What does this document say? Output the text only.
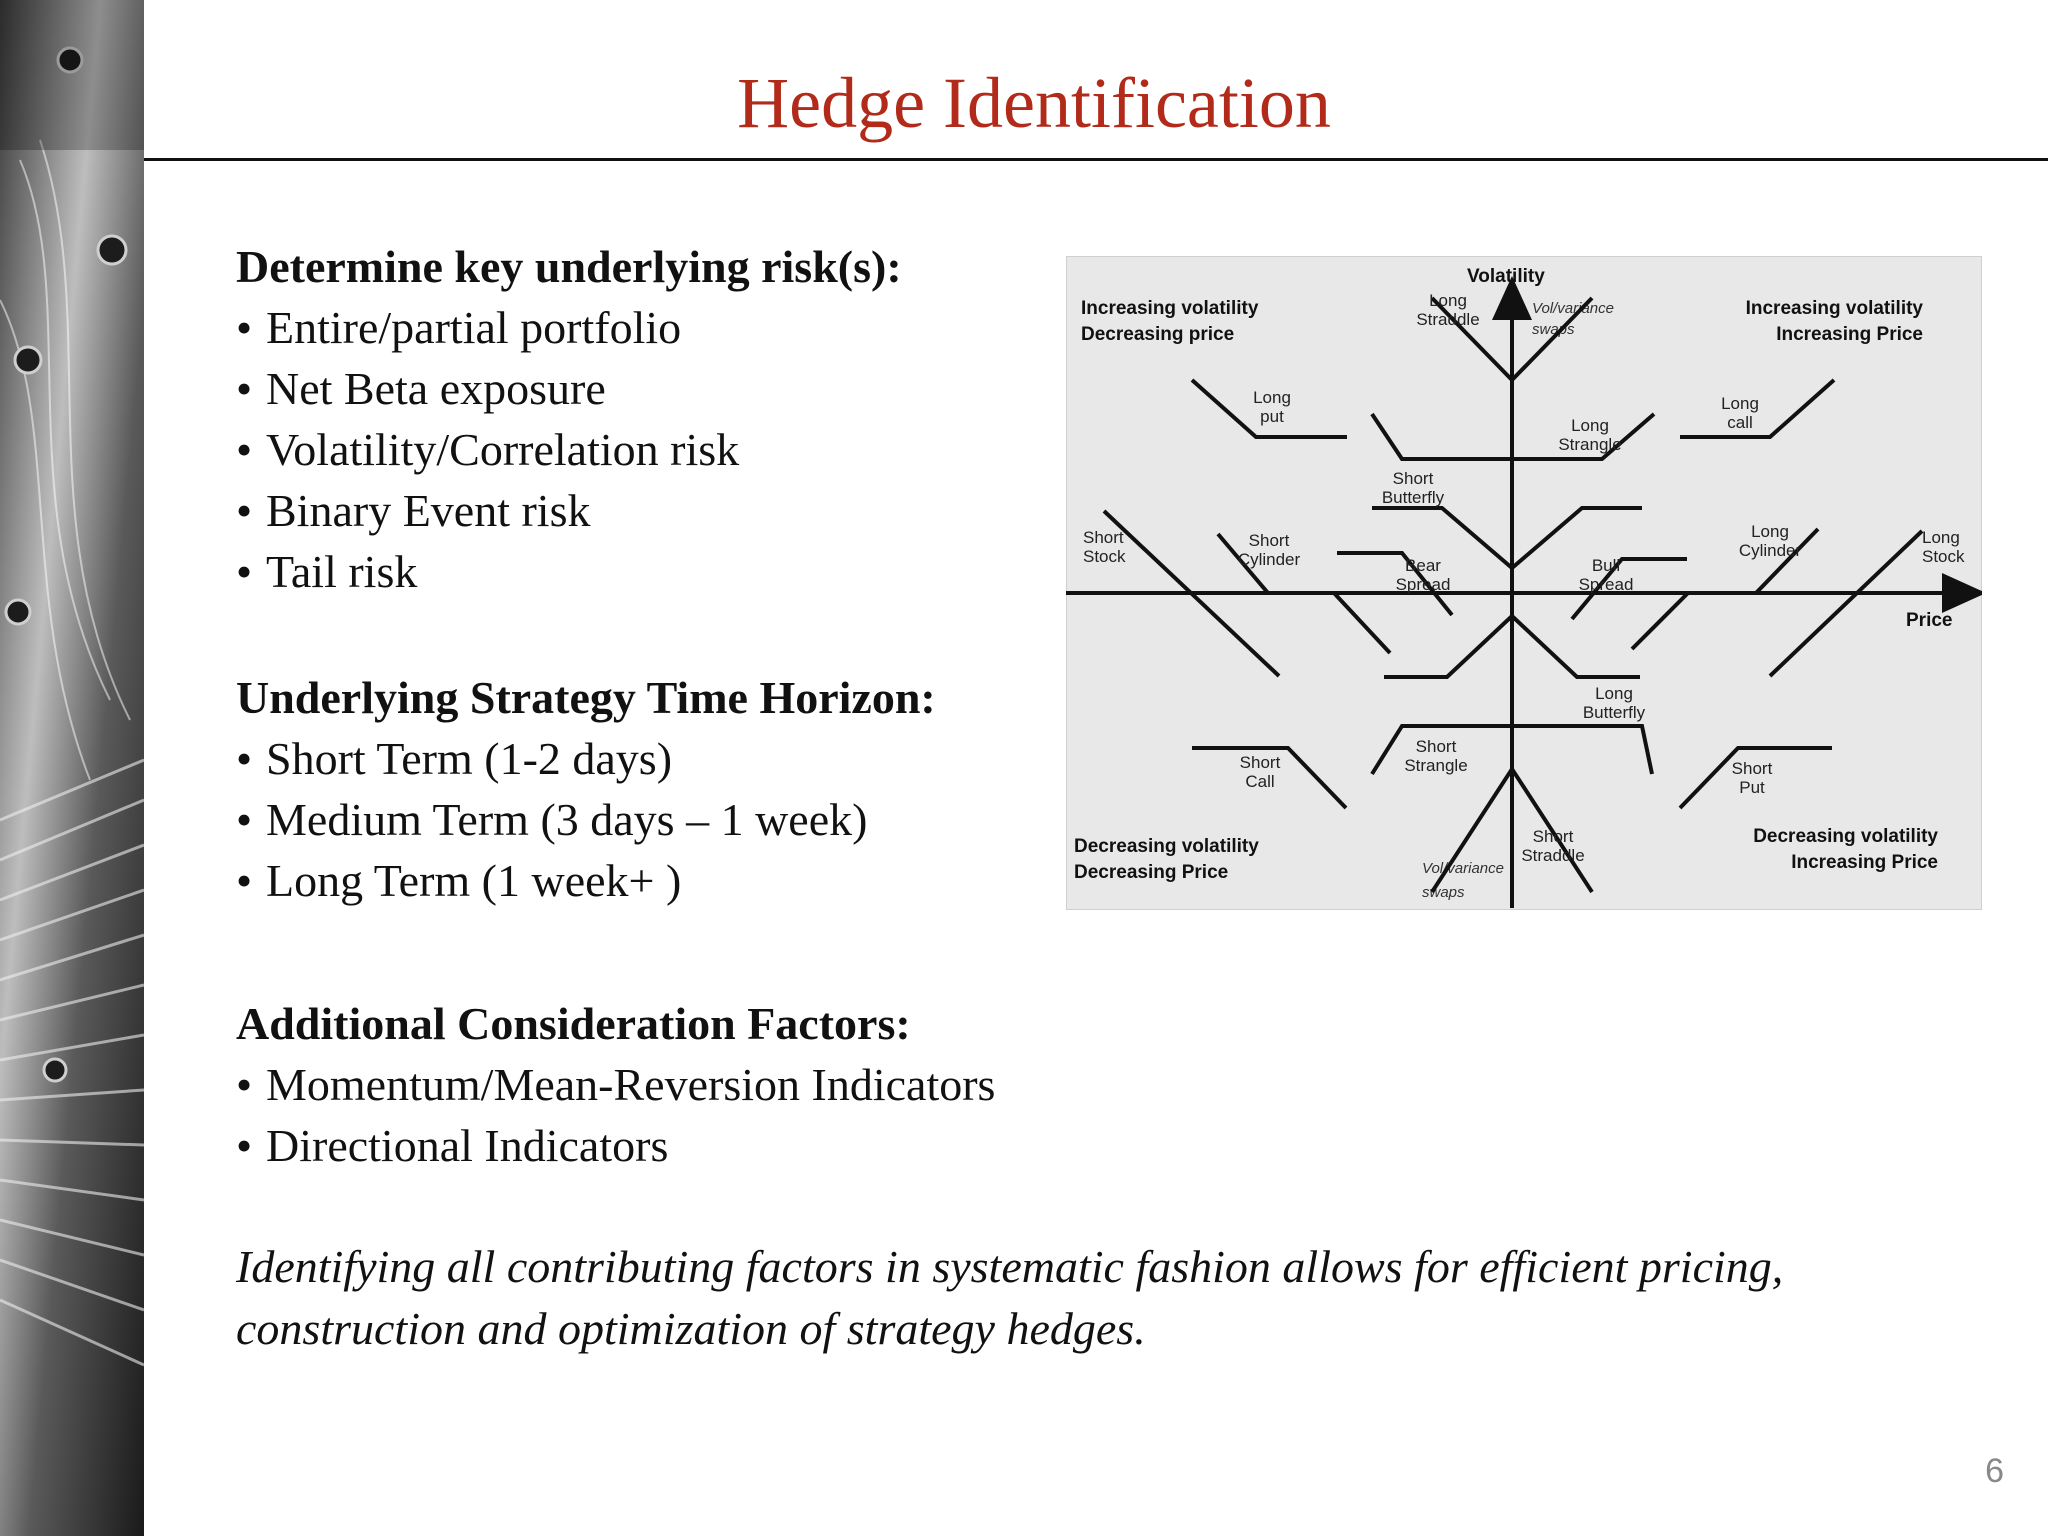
Hedge Identification
Determine key underlying risk(s):
• Entire/partial portfolio
• Net Beta exposure
• Volatility/Correlation risk
• Binary Event risk
• Tail risk
Underlying Strategy Time Horizon:
• Short Term (1-2 days)
• Medium Term (3 days – 1 week)
• Long Term (1 week+ )
Additional Consideration Factors:
• Momentum/Mean-Reversion Indicators
• Directional Indicators
Identifying all contributing factors in systematic fashion allows for efficient pricing,
construction and optimization of strategy hedges.
Volatility
Price
Increasing volatility
Decreasing price
Increasing volatility
Increasing Price
Decreasing volatility
Decreasing Price
Decreasing volatility
Increasing Price
Vol/variance
swaps
Vol/variance
swaps
Long
Straddle
Long
put	Long
Strangle
Long
call
Short
Butterfly
Short
Stock
Short
Cylinder	Bear
Spread
Bull
Spread
Long
Cylinder
Long
Stock
Long
Butterfly
Short
Call
Short
Strangle	Short
Put
Short
Straddle
6
